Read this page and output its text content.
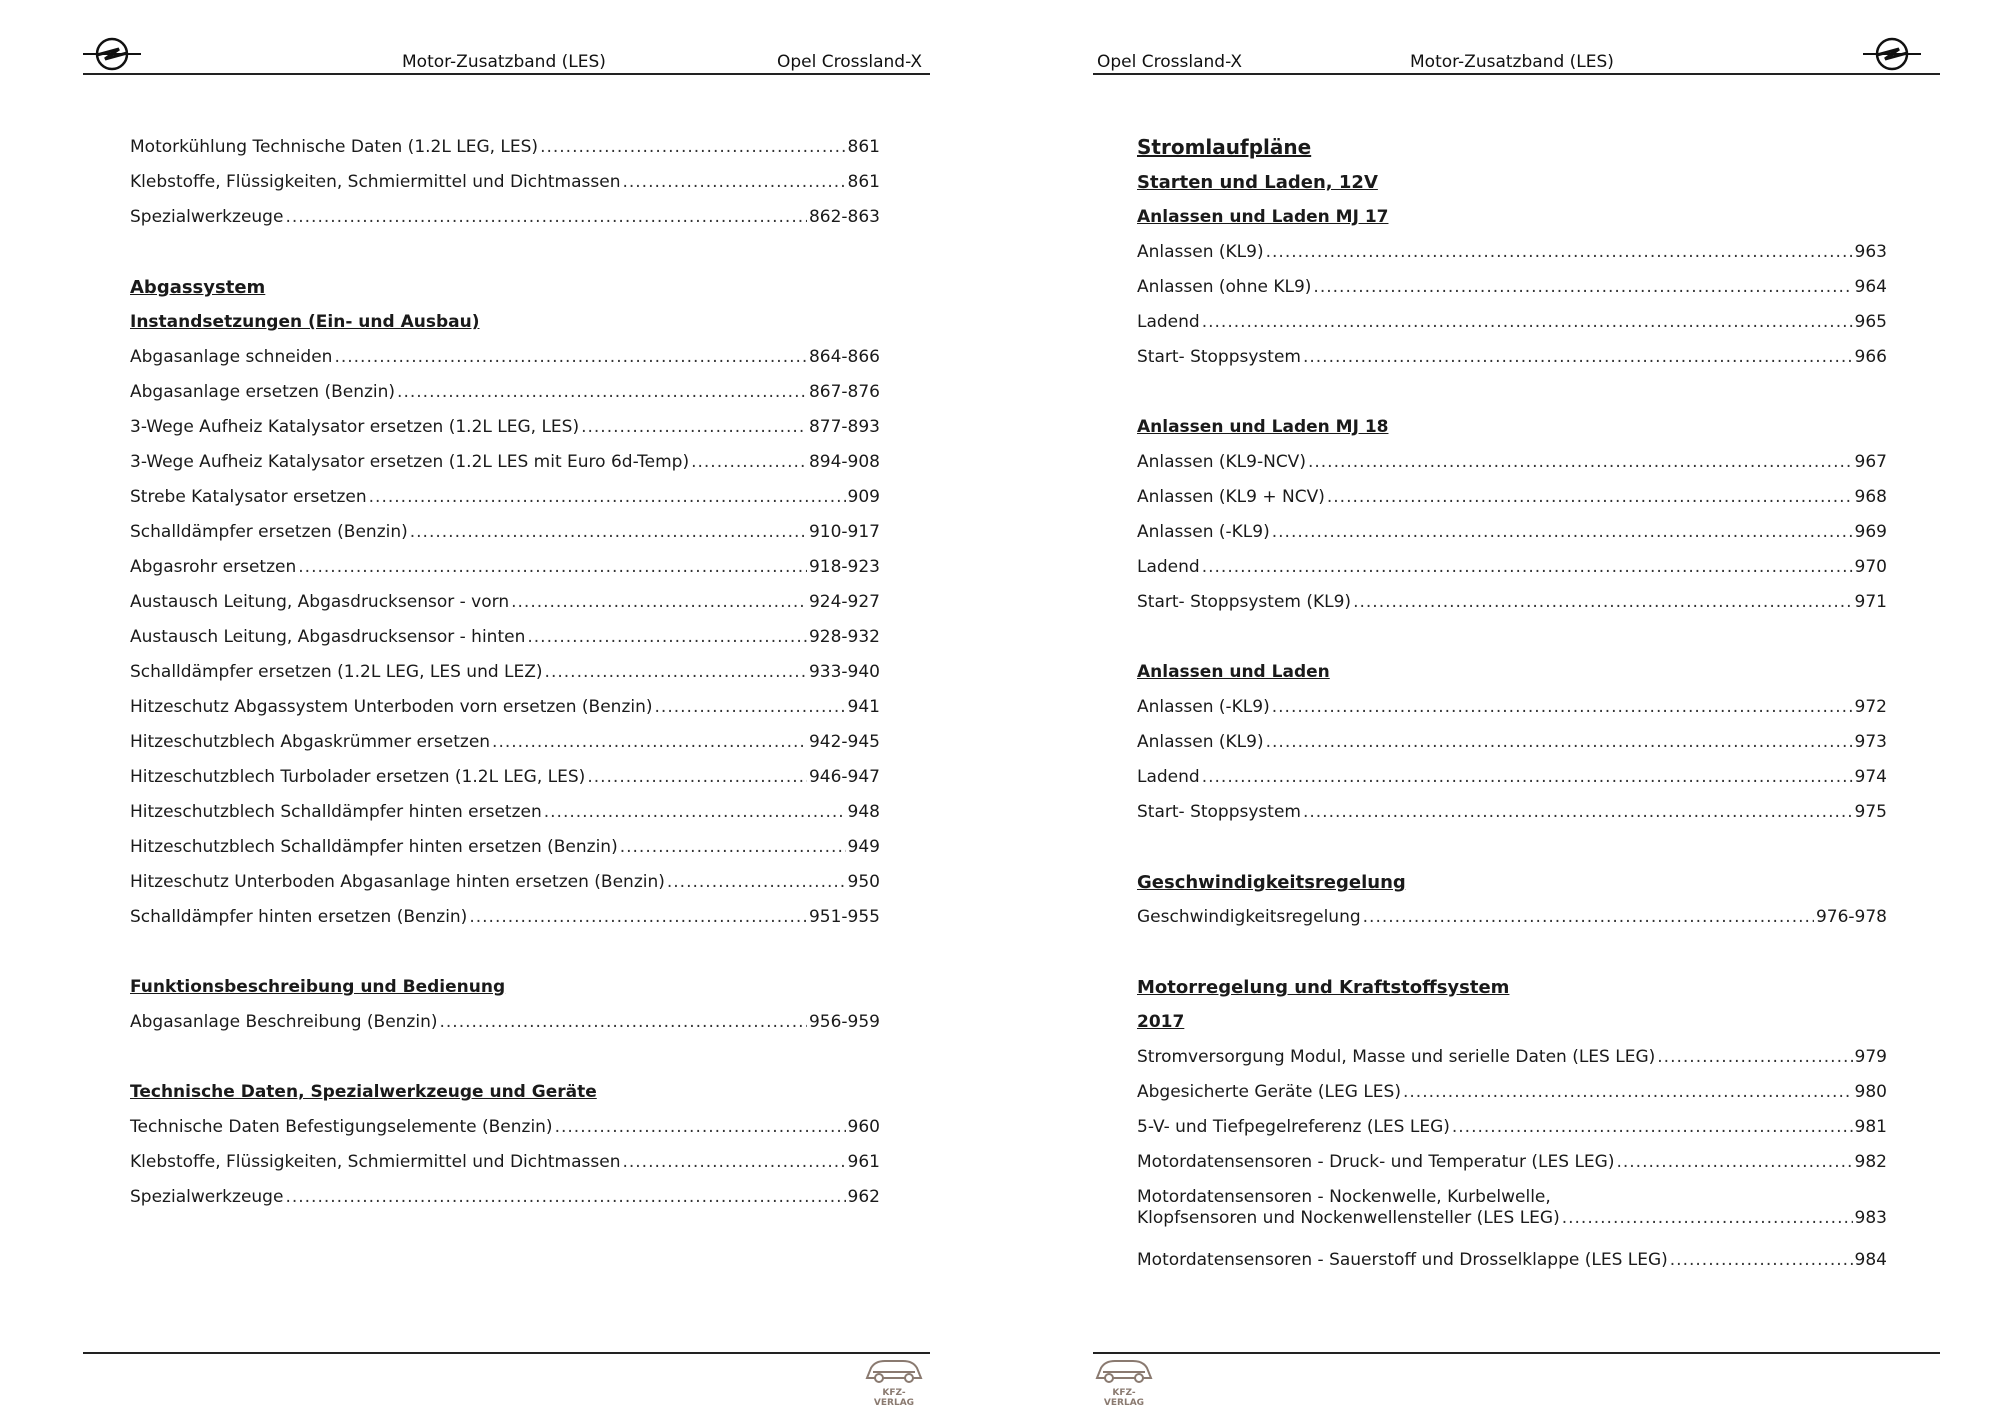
Motor-Zusatzband (LES)	Opel Crossland-X
Motorkühlung Technische Daten (1.2L LEG, LES) .....	861
Klebstoffe, Flüssigkeiten, Schmiermittel und Dichtmassen .....	861
Spezialwerkzeuge .....	862-863
Abgassystem
Instandsetzungen (Ein- und Ausbau)
Abgasanlage schneiden .....	864-866
Abgasanlage ersetzen (Benzin) .....	867-876
3-Wege Aufheiz Katalysator ersetzen (1.2L LEG, LES) .....	877-893
3-Wege Aufheiz Katalysator ersetzen (1.2L LES mit Euro 6d-Temp) .....	894-908
Strebe Katalysator ersetzen .....	909
Schalldämpfer ersetzen (Benzin) .....	910-917
Abgasrohr ersetzen .....	918-923
Austausch Leitung, Abgasdrucksensor - vorn .....	924-927
Austausch Leitung, Abgasdrucksensor - hinten .....	928-932
Schalldämpfer ersetzen (1.2L LEG, LES und LEZ) .....	933-940
Hitzeschutz Abgassystem Unterboden vorn ersetzen (Benzin) .....	941
Hitzeschutzblech Abgaskrümmer ersetzen .....	942-945
Hitzeschutzblech Turbolader ersetzen (1.2L LEG, LES) .....	946-947
Hitzeschutzblech Schalldämpfer hinten ersetzen .....	948
Hitzeschutzblech Schalldämpfer hinten ersetzen (Benzin) .....	949
Hitzeschutz Unterboden Abgasanlage hinten ersetzen (Benzin) .....	950
Schalldämpfer hinten ersetzen (Benzin) .....	951-955
Funktionsbeschreibung und Bedienung
Abgasanlage Beschreibung (Benzin) .....	956-959
Technische Daten, Spezialwerkzeuge und Geräte
Technische Daten Befestigungselemente (Benzin) .....	960
Klebstoffe, Flüssigkeiten, Schmiermittel und Dichtmassen .....	961
Spezialwerkzeuge .....	962
KFZ-VERLAG
Opel Crossland-X	Motor-Zusatzband (LES)
Stromlaufpläne
Starten und Laden, 12V
Anlassen und Laden MJ 17
Anlassen (KL9) .....	963
Anlassen (ohne KL9) .....	964
Ladend .....	965
Start- Stoppsystem .....	966
Anlassen und Laden MJ 18
Anlassen (KL9-NCV) .....	967
Anlassen (KL9 + NCV) .....	968
Anlassen (-KL9) .....	969
Ladend .....	970
Start- Stoppsystem (KL9) .....	971
Anlassen und Laden
Anlassen (-KL9) .....	972
Anlassen (KL9) .....	973
Ladend .....	974
Start- Stoppsystem .....	975
Geschwindigkeitsregelung
Geschwindigkeitsregelung .....	976-978
Motorregelung und Kraftstoffsystem
2017
Stromversorgung Modul, Masse und serielle Daten (LES LEG) .....	979
Abgesicherte Geräte (LEG LES) .....	980
5-V- und Tiefpegelreferenz (LES LEG) .....	981
Motordatensensoren - Druck- und Temperatur (LES LEG) .....	982
Motordatensensoren - Nockenwelle, Kurbelwelle,
Klopfsensoren und Nockenwellensteller (LES LEG) .....	983
Motordatensensoren - Sauerstoff und Drosselklappe (LES LEG) .....	984
KFZ-VERLAG
